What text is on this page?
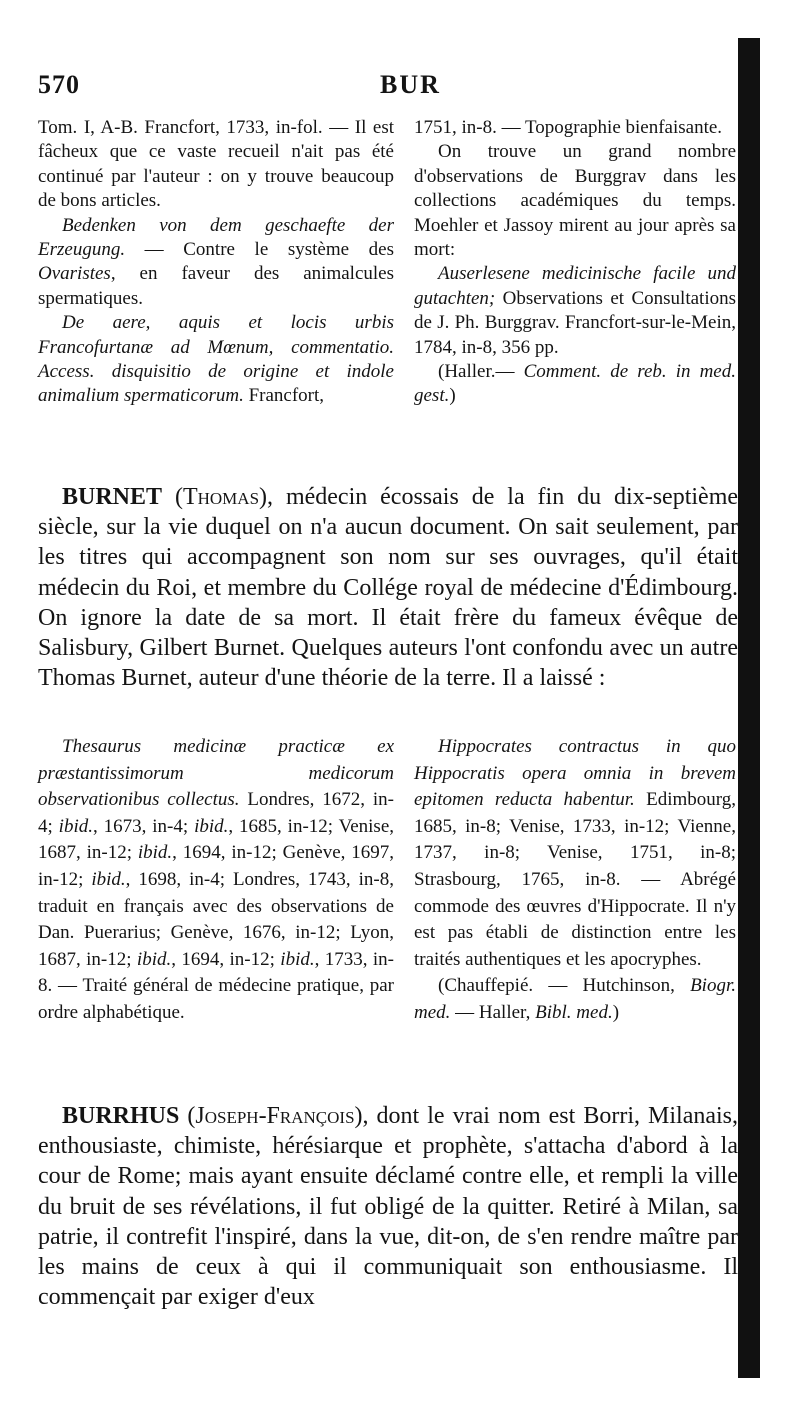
570	BUR

Tom. I, A-B. Francfort, 1733, in-fol. — Il est fâcheux que ce vaste recueil n'ait pas été continué par l'auteur : on y trouve beaucoup de bons articles.

Bedenken von dem geschaefte der Erzeugung. — Contre le système des Ovaristes, en faveur des animalcules spermatiques.

De aere, aquis et locis urbis Francofurtanæ ad Mœnum, commentatio. Access. disquisitio de origine et indole animalium spermaticorum. Francfort,

1751, in-8. — Topographie bienfaisante.

On trouve un grand nombre d'observations de Burggrav dans les collections académiques du temps. Moehler et Jassoy mirent au jour après sa mort:

Auserlesene medicinische facile und gutachten; Observations et Consultations de J. Ph. Burggrav. Francfort-sur-le-Mein, 1784, in-8, 356 pp.

(Haller.— Comment. de reb. in med. gest.)

BURNET (Thomas), médecin écossais de la fin du dix-septième siècle, sur la vie duquel on n'a aucun document. On sait seulement, par les titres qui accompagnent son nom sur ses ouvrages, qu'il était médecin du Roi, et membre du Collége royal de médecine d'Édimbourg. On ignore la date de sa mort. Il était frère du fameux évêque de Salisbury, Gilbert Burnet. Quelques auteurs l'ont confondu avec un autre Thomas Burnet, auteur d'une théorie de la terre. Il a laissé :

Thesaurus medicinæ practicæ ex præstantissimorum medicorum observationibus collectus. Londres, 1672, in-4; ibid., 1673, in-4; ibid., 1685, in-12; Venise, 1687, in-12; ibid., 1694, in-12; Genève, 1697, in-12; ibid., 1698, in-4; Londres, 1743, in-8, traduit en français avec des observations de Dan. Puerarius; Genève, 1676, in-12; Lyon, 1687, in-12; ibid., 1694, in-12; ibid., 1733, in-8. — Traité général de médecine pratique, par ordre alphabétique.

Hippocrates contractus in quo Hippocratis opera omnia in brevem epitomen reducta habentur. Edimbourg, 1685, in-8; Venise, 1733, in-12; Vienne, 1737, in-8; Venise, 1751, in-8; Strasbourg, 1765, in-8. — Abrégé commode des œuvres d'Hippocrate. Il n'y est pas établi de distinction entre les traités authentiques et les apocryphes.

(Chauffepié. — Hutchinson, Biogr. med. — Haller, Bibl. med.)

BURRHUS (Joseph-François), dont le vrai nom est Borri, Milanais, enthousiaste, chimiste, hérésiarque et prophète, s'attacha d'abord à la cour de Rome; mais ayant ensuite déclamé contre elle, et rempli la ville du bruit de ses révélations, il fut obligé de la quitter. Retiré à Milan, sa patrie, il contrefit l'inspiré, dans la vue, dit-on, de s'en rendre maître par les mains de ceux à qui il communiquait son enthousiasme. Il commençait par exiger d'eux
